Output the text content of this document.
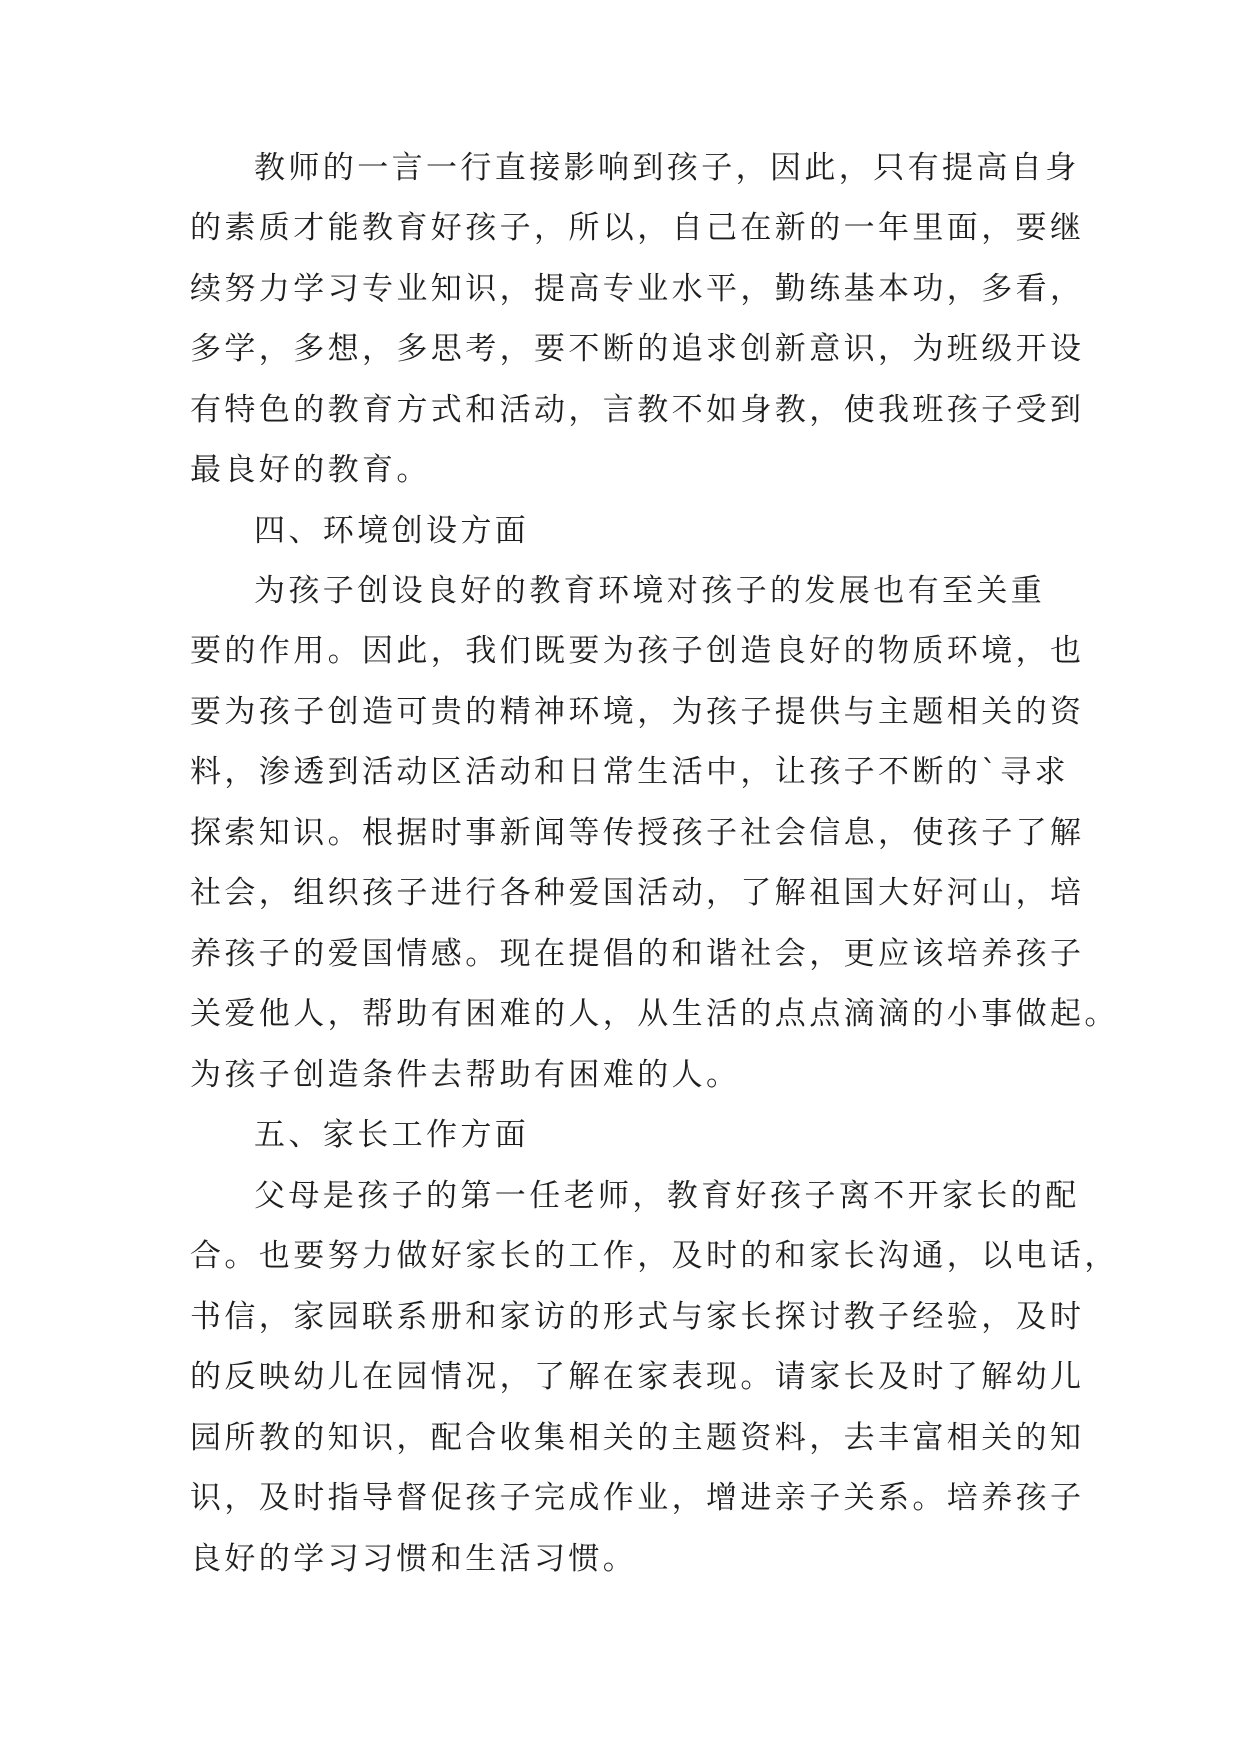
教师的一言一行直接影响到孩子，因此，只有提高自身
的素质才能教育好孩子，所以，自己在新的一年里面，要继
续努力学习专业知识，提高专业水平，勤练基本功，多看，
多学，多想，多思考，要不断的追求创新意识，为班级开设
有特色的教育方式和活动，言教不如身教，使我班孩子受到
最良好的教育。
四、环境创设方面
为孩子创设良好的教育环境对孩子的发展也有至关重
要的作用。因此，我们既要为孩子创造良好的物质环境，也
要为孩子创造可贵的精神环境，为孩子提供与主题相关的资
料，渗透到活动区活动和日常生活中，让孩子不断的`寻求
探索知识。根据时事新闻等传授孩子社会信息，使孩子了解
社会，组织孩子进行各种爱国活动，了解祖国大好河山，培
养孩子的爱国情感。现在提倡的和谐社会，更应该培养孩子
关爱他人，帮助有困难的人，从生活的点点滴滴的小事做起。
为孩子创造条件去帮助有困难的人。
五、家长工作方面
父母是孩子的第一任老师，教育好孩子离不开家长的配
合。也要努力做好家长的工作，及时的和家长沟通，以电话，
书信，家园联系册和家访的形式与家长探讨教子经验，及时
的反映幼儿在园情况，了解在家表现。请家长及时了解幼儿
园所教的知识，配合收集相关的主题资料，去丰富相关的知
识，及时指导督促孩子完成作业，增进亲子关系。培养孩子
良好的学习习惯和生活习惯。
